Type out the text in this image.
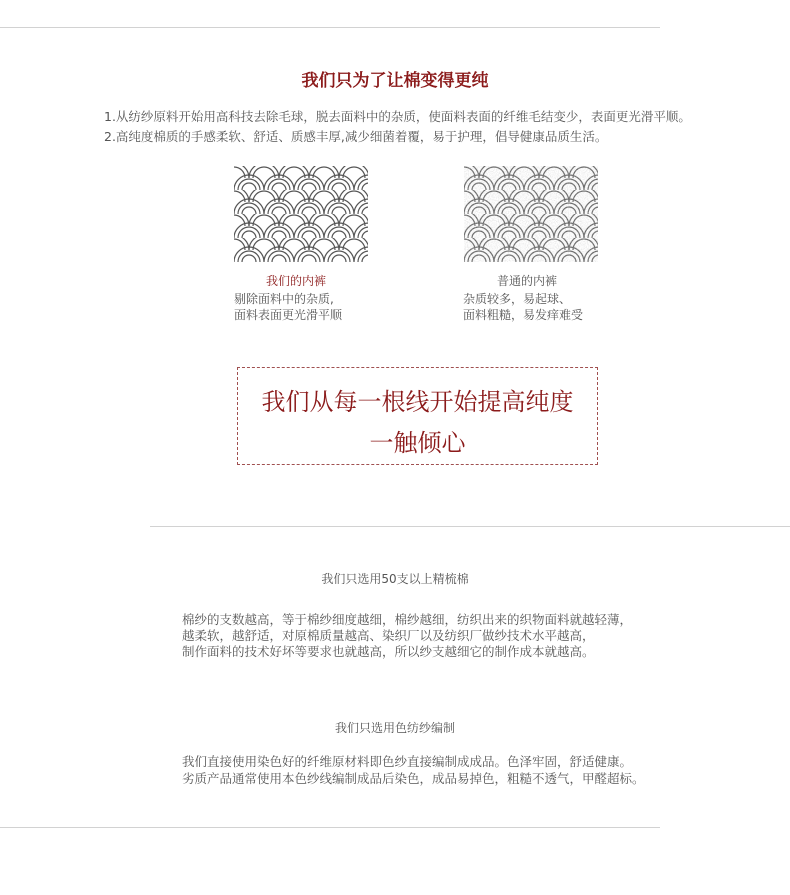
我们只为了让棉变得更纯
1.从纺纱原料开始用高科技去除毛球，脱去面料中的杂质，使面料表面的纤维毛结变少，表面更光滑平顺。
2.高纯度棉质的手感柔软、舒适、质感丰厚,减少细菌着覆，易于护理，倡导健康品质生活。
我们的内裤
剔除面料中的杂质,
面料表面更光滑平顺
普通的内裤
杂质较多，易起球、
面料粗糙，易发痒难受
我们从每一根线开始提高纯度
一触倾心
我们只选用50支以上精梳棉
棉纱的支数越高，等于棉纱细度越细，棉纱越细，纺织出来的织物面料就越轻薄，
越柔软，越舒适，对原棉质量越高、染织厂以及纺织厂做纱技术水平越高，
制作面料的技术好坏等要求也就越高，所以纱支越细它的制作成本就越高。
我们只选用色纺纱编制
我们直接使用染色好的纤维原材料即色纱直接编制成成品。色泽牢固，舒适健康。
劣质产品通常使用本色纱线编制成品后染色，成品易掉色，粗糙不透气，甲醛超标。
